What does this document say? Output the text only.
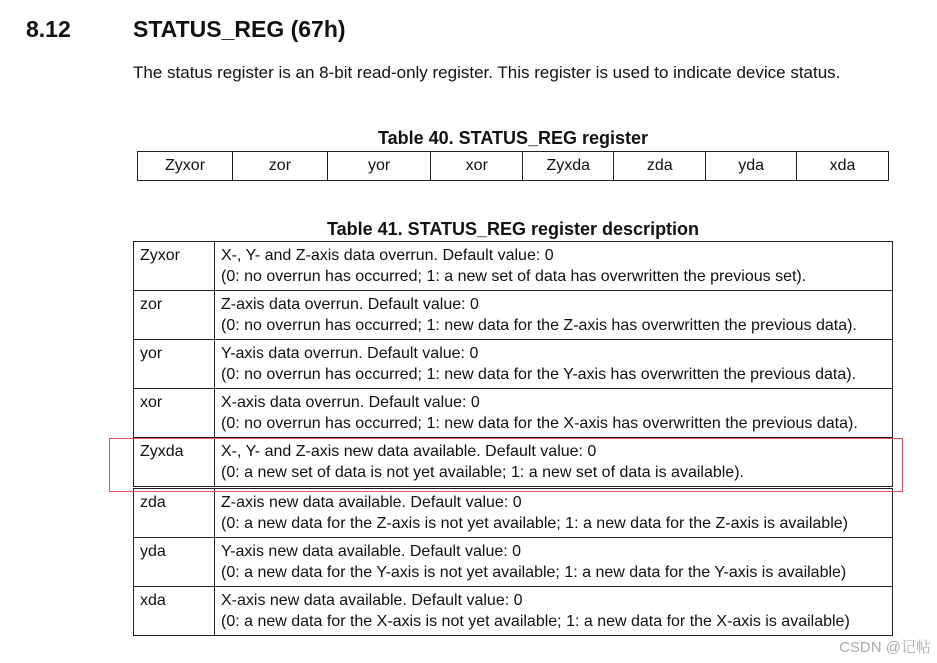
8.12	STATUS_REG (67h)
The status register is an 8-bit read-only register. This register is used to indicate device status.
Table 40. STATUS_REG register
Zyxor	zor	yor	xor	Zyxda	zda	yda	xda
Table 41. STATUS_REG register description
Zyxor	X-, Y- and Z-axis data overrun. Default value: 0
(0: no overrun has occurred; 1: a new set of data has overwritten the previous set).

zor	Z-axis data overrun. Default value: 0
(0: no overrun has occurred; 1: new data for the Z-axis has overwritten the previous data).

yor	Y-axis data overrun. Default value: 0
(0: no overrun has occurred; 1: new data for the Y-axis has overwritten the previous data).

xor	X-axis data overrun. Default value: 0
(0: no overrun has occurred; 1: new data for the X-axis has overwritten the previous data).

Zyxda	X-, Y- and Z-axis new data available. Default value: 0
(0: a new set of data is not yet available; 1: a new set of data is available).

zda	Z-axis new data available. Default value: 0
(0: a new data for the Z-axis is not yet available; 1: a new data for the Z-axis is available)

yda	Y-axis new data available. Default value: 0
(0: a new data for the Y-axis is not yet available; 1: a new data for the Y-axis is available)

xda	X-axis new data available. Default value: 0
(0: a new data for the X-axis is not yet available; 1: a new data for the X-axis is available)
CSDN @记帖
